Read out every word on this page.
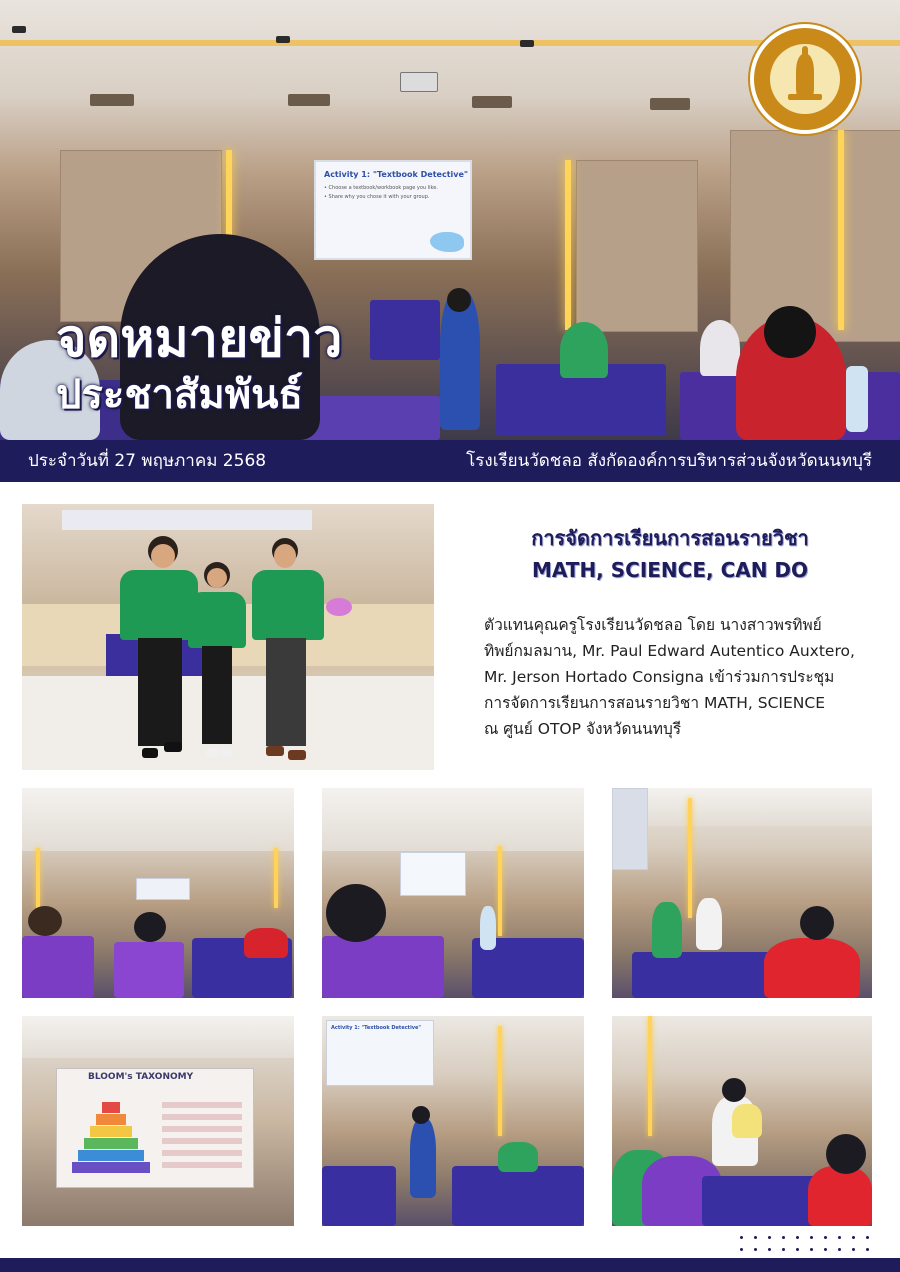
Activity 1: "Textbook Detective"
• Choose a textbook/workbook page you like.
• Share why you chose it with your group.
จดหมายข่าว
ประชาสัมพันธ์
ประจำวันที่ 27 พฤษภาคม 2568	โรงเรียนวัดชลอ สังกัดองค์การบริหารส่วนจังหวัดนนทบุรี
การจัดการเรียนการสอนรายวิชา
MATH, SCIENCE, CAN DO
ตัวแทนคุณครูโรงเรียนวัดชลอ โดย นางสาวพรทิพย์
ทิพย์กมลมาน, Mr. Paul Edward Autentico Auxtero,
Mr. Jerson Hortado Consigna เข้าร่วมการประชุม
การจัดการเรียนการสอนรายวิชา MATH, SCIENCE
ณ ศูนย์ OTOP จังหวัดนนทบุรี
BLOOM's TAXONOMY
Activity 1: "Textbook Detective"
